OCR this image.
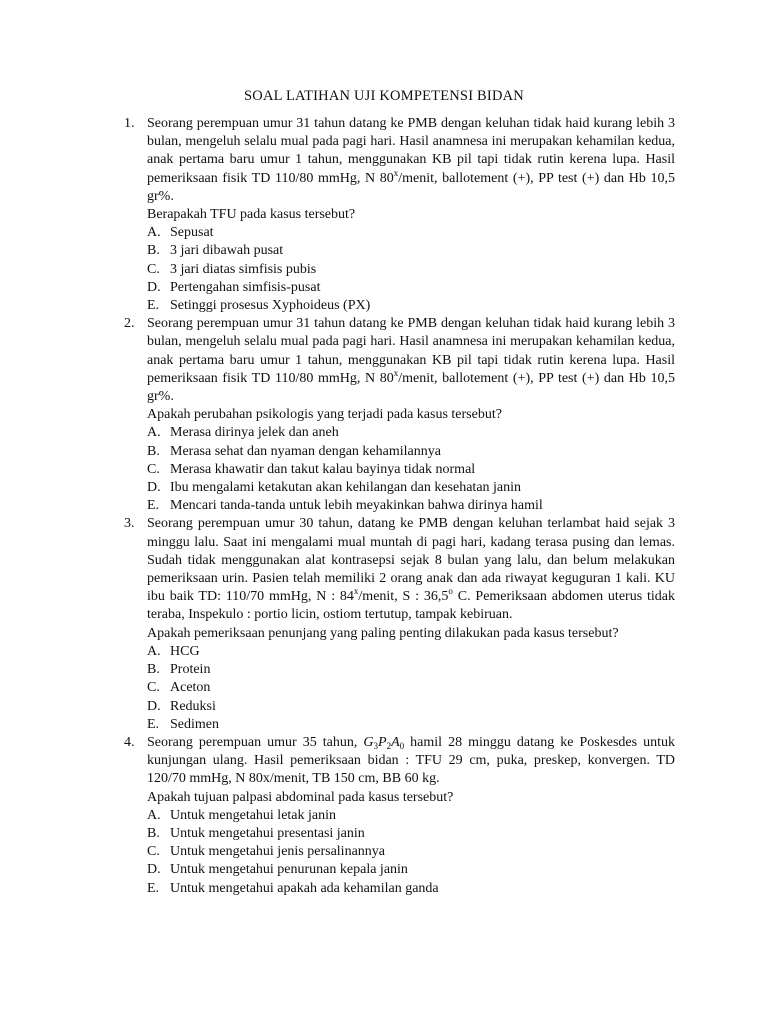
SOAL LATIHAN UJI KOMPETENSI BIDAN
1. Seorang perempuan umur 31 tahun datang ke PMB dengan keluhan tidak haid kurang lebih 3 bulan, mengeluh selalu mual pada pagi hari. Hasil anamnesa ini merupakan kehamilan kedua, anak pertama baru umur 1 tahun, menggunakan KB pil tapi tidak rutin kerena lupa. Hasil pemeriksaan fisik TD 110/80 mmHg, N 80$^x$/menit, ballotement (+), PP test (+) dan Hb 10,5 gr%.
Berapakah TFU pada kasus tersebut?
A. Sepusat
B. 3 jari dibawah pusat
C. 3 jari diatas simfisis pubis
D. Pertengahan simfisis-pusat
E. Setinggi prosesus Xyphoideus (PX)
2. Seorang perempuan umur 31 tahun datang ke PMB dengan keluhan tidak haid kurang lebih 3 bulan, mengeluh selalu mual pada pagi hari. Hasil anamnesa ini merupakan kehamilan kedua, anak pertama baru umur 1 tahun, menggunakan KB pil tapi tidak rutin kerena lupa. Hasil pemeriksaan fisik TD 110/80 mmHg, N 80$^x$/menit, ballotement (+), PP test (+) dan Hb 10,5 gr%.
Apakah perubahan psikologis yang terjadi pada kasus tersebut?
A. Merasa dirinya jelek dan aneh
B. Merasa sehat dan nyaman dengan kehamilannya
C. Merasa khawatir dan takut kalau bayinya tidak normal
D. Ibu mengalami ketakutan akan kehilangan dan kesehatan janin
E. Mencari tanda-tanda untuk lebih meyakinkan bahwa dirinya hamil
3. Seorang perempuan umur 30 tahun, datang ke PMB dengan keluhan terlambat haid sejak 3 minggu lalu. Saat ini mengalami mual muntah di pagi hari, kadang terasa pusing dan lemas. Sudah tidak menggunakan alat kontrasepsi sejak 8 bulan yang lalu, dan belum melakukan pemeriksaan urin. Pasien telah memiliki 2 orang anak dan ada riwayat keguguran 1 kali. KU ibu baik TD: 110/70 mmHg, N : 84$^x$/menit, S : 36,5$^o$ C. Pemeriksaan abdomen uterus tidak teraba, Inspekulo : portio licin, ostiom tertutup, tampak kebiruan.
Apakah pemeriksaan penunjang yang paling penting dilakukan pada kasus tersebut?
A. HCG
B. Protein
C. Aceton
D. Reduksi
E. Sedimen
4. Seorang perempuan umur 35 tahun, $G_3P_2A_0$ hamil 28 minggu datang ke Poskesdes untuk kunjungan ulang. Hasil pemeriksaan bidan : TFU 29 cm, puka, preskep, konvergen. TD 120/70 mmHg, N 80x/menit, TB 150 cm, BB 60 kg.
Apakah tujuan palpasi abdominal pada kasus tersebut?
A. Untuk mengetahui letak janin
B. Untuk mengetahui presentasi janin
C. Untuk mengetahui jenis persalinannya
D. Untuk mengetahui penurunan kepala janin
E. Untuk mengetahui apakah ada kehamilan ganda
